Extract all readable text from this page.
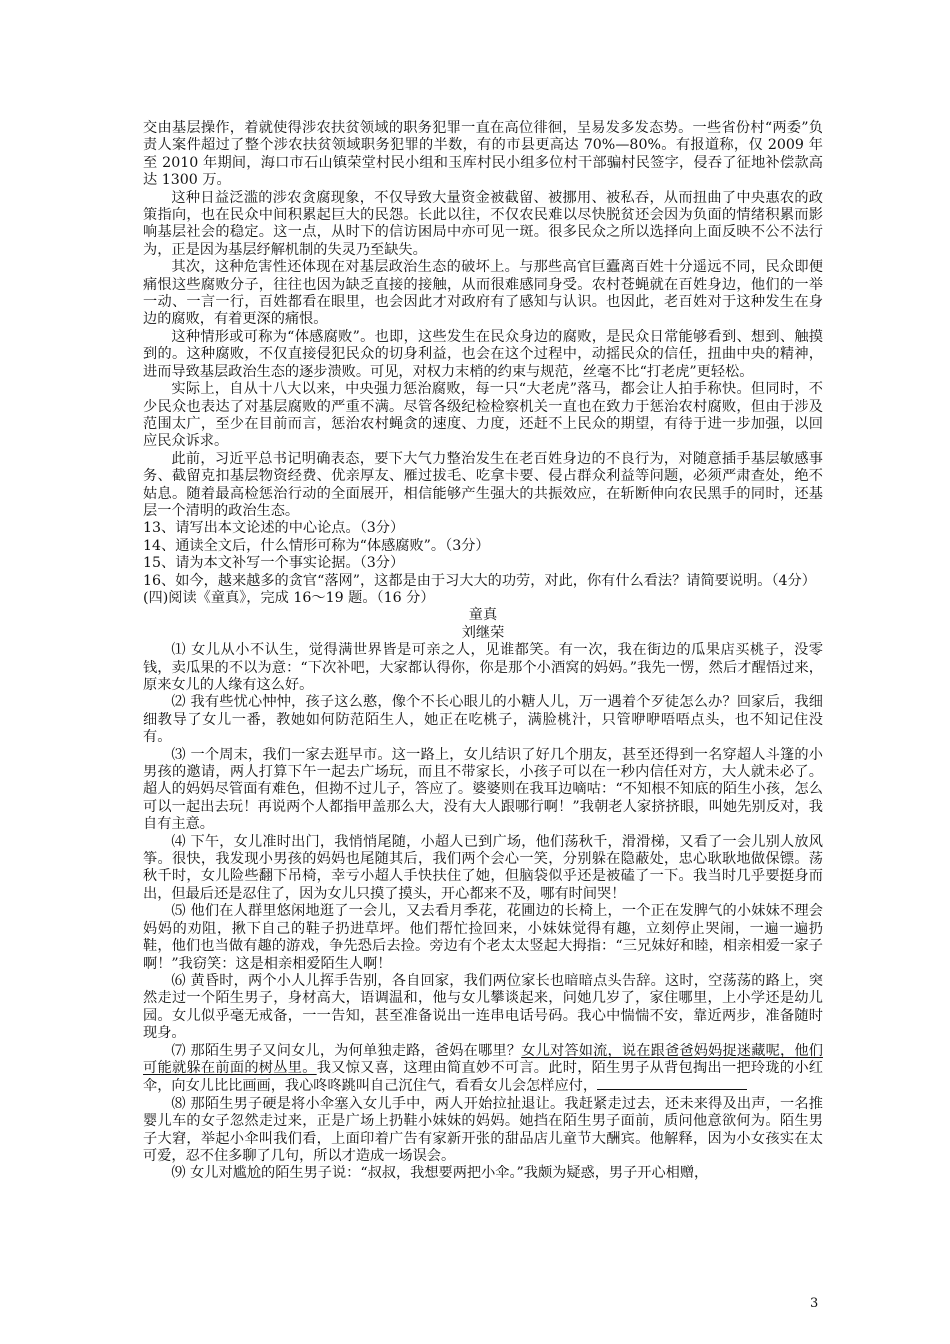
交由基层操作，着就使得涉农扶贫领域的职务犯罪一直在高位徘徊，呈易发多发态势。一些省份村“两委”负责人案件超过了整个涉农扶贫领域职务犯罪的半数，有的市县更高达 70%—80%。有报道称，仅 2009 年至 2010 年期间，海口市石山镇荣堂村民小组和玉库村民小组多位村干部骗村民签字，侵吞了征地补偿款高达 1300 万。

这种日益泛滥的涉农贪腐现象，不仅导致大量资金被截留、被挪用、被私吞，从而扭曲了中央惠农的政策指向，也在民众中间积累起巨大的民怨。长此以往，不仅农民难以尽快脱贫还会因为负面的情绪积累而影响基层社会的稳定。这一点，从时下的信访困局中亦可见一斑。很多民众之所以选择向上面反映不公不法行为，正是因为基层纾解机制的失灵乃至缺失。

其次，这种危害性还体现在对基层政治生态的破坏上。与那些高官巨蠹离百姓十分遥远不同，民众即便痛恨这些腐败分子，往往也因为缺乏直接的接触，从而很难感同身受。农村苍蝇就在百姓身边，他们的一举一动、一言一行，百姓都看在眼里，也会因此才对政府有了感知与认识。也因此，老百姓对于这种发生在身边的腐败，有着更深的痛恨。

这种情形或可称为“体感腐败”。也即，这些发生在民众身边的腐败，是民众日常能够看到、想到、触摸到的。这种腐败，不仅直接侵犯民众的切身利益，也会在这个过程中，动摇民众的信任，扭曲中央的精神，进而导致基层政治生态的逐步溃败。可见，对权力末梢的约束与规范，丝毫不比“打老虎”更轻松。

实际上，自从十八大以来，中央强力惩治腐败，每一只“大老虎”落马，都会让人拍手称快。但同时，不少民众也表达了对基层腐败的严重不满。尽管各级纪检检察机关一直也在致力于惩治农村腐败，但由于涉及范围太广，至少在目前而言，惩治农村蝇贪的速度、力度，还赶不上民众的期望，有待于进一步加强，以回应民众诉求。

此前，习近平总书记明确表态，要下大气力整治发生在老百姓身边的不良行为，对随意插手基层敏感事务、截留克扣基层物资经费、优亲厚友、雁过拔毛、吃拿卡要、侵占群众利益等问题，必须严肃查处，绝不姑息。随着最高检惩治行动的全面展开，相信能够产生强大的共振效应，在斩断伸向农民黑手的同时，还基层一个清明的政治生态。

13、请写出本文论述的中心论点。（3分）

14、通读全文后，什么情形可称为“体感腐败”。（3分）

15、请为本文补写一个事实论据。（3分）

16、如今，越来越多的贪官“落网”，这都是由于习大大的功劳，对此，你有什么看法？请简要说明。（4分）

(四)阅读《童真》，完成 16～19 题。（16 分）

童真

刘继荣

⑴ 女儿从小不认生，觉得满世界皆是可亲之人，见谁都笑。有一次，我在街边的瓜果店买桃子，没零钱，卖瓜果的不以为意：“下次补吧，大家都认得你，你是那个小酒窝的妈妈。”我先一愣，然后才醒悟过来，原来女儿的人缘有这么好。

⑵ 我有些忧心忡忡，孩子这么憨，像个不长心眼儿的小糖人儿，万一遇着个歹徒怎么办？回家后，我细细教导了女儿一番，教她如何防范陌生人，她正在吃桃子，满脸桃汁，只管咿咿唔唔点头，也不知记住没有。

⑶ 一个周末，我们一家去逛早市。这一路上，女儿结识了好几个朋友，甚至还得到一名穿超人斗篷的小男孩的邀请，两人打算下午一起去广场玩，而且不带家长，小孩子可以在一秒内信任对方，大人就未必了。超人的妈妈尽管面有难色，但拗不过儿子，答应了。婆婆则在我耳边嘀咕：“不知根不知底的陌生小孩，怎么可以一起出去玩！再说两个人都指甲盖那么大，没有大人跟哪行啊！”我朝老人家挤挤眼，叫她先别反对，我自有主意。

⑷ 下午，女儿准时出门，我悄悄尾随，小超人已到广场，他们荡秋千，滑滑梯，又看了一会儿别人放风筝。很快，我发现小男孩的妈妈也尾随其后，我们两个会心一笑，分别躲在隐蔽处，忠心耿耿地做保镖。荡秋千时，女儿险些翻下吊椅，幸亏小超人手快扶住了她，但脑袋似乎还是被磕了一下。我当时几乎要挺身而出，但最后还是忍住了，因为女儿只摸了摸头，开心都来不及，哪有时间哭！

⑸ 他们在人群里悠闲地逛了一会儿，又去看月季花，花圃边的长椅上，一个正在发脾气的小妹妹不理会妈妈的劝阻，揪下自己的鞋子扔进草坪。他们帮忙捡回来，小妹妹觉得有趣，立刻停止哭闹，一遍一遍扔鞋，他们也当做有趣的游戏，争先恐后去捡。旁边有个老太太竖起大拇指：“三兄妹好和睦，相亲相爱一家子啊！”我窃笑：这是相亲相爱陌生人啊！

⑹ 黄昏时，两个小人儿挥手告别，各自回家，我们两位家长也暗暗点头告辞。这时，空荡荡的路上，突然走过一个陌生男子，身材高大，语调温和，他与女儿攀谈起来，问她几岁了，家住哪里，上小学还是幼儿园。女儿似乎毫无戒备，一一告知，甚至准备说出一连串电话号码。我心中惴惴不安，靠近两步，准备随时现身。

⑺ 那陌生男子又问女儿，为何单独走路，爸妈在哪里？女儿对答如流，说在跟爸爸妈妈捉迷藏呢，他们可能就躲在前面的树丛里。我又惊又喜，这理由简直妙不可言。此时，陌生男子从背包掏出一把玲珑的小红伞，向女儿比比画画，我心咚咚跳叫自己沉住气，看看女儿会怎样应付，

⑻ 那陌生男子硬是将小伞塞入女儿手中，两人开始拉扯退让。我赶紧走过去，还未来得及出声，一名推婴儿车的女子忽然走过来，正是广场上扔鞋小妹妹的妈妈。她挡在陌生男子面前，质问他意欲何为。陌生男子大窘，举起小伞叫我们看，上面印着广告有家新开张的甜品店儿童节大酬宾。他解释，因为小女孩实在太可爱，忍不住多聊了几句，所以才造成一场误会。

⑼ 女儿对尴尬的陌生男子说：“叔叔，我想要两把小伞。”我颇为疑惑，男子开心相赠，

3
